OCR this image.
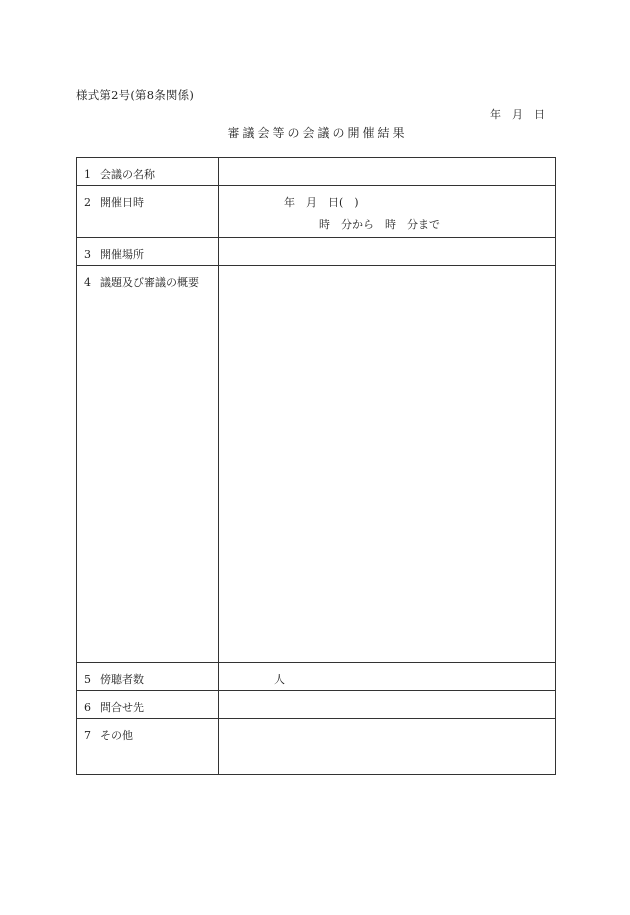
様式第2号(第8条関係)
年　月　日
審議会等の会議の開催結果
1 会議の名称	
2 開催日時	年　月　日(　)
時　分から　時　分まで

3 開催場所	
4 議題及び審議の概要	
5 傍聴者数	人

6 問合せ先	
7 その他	
